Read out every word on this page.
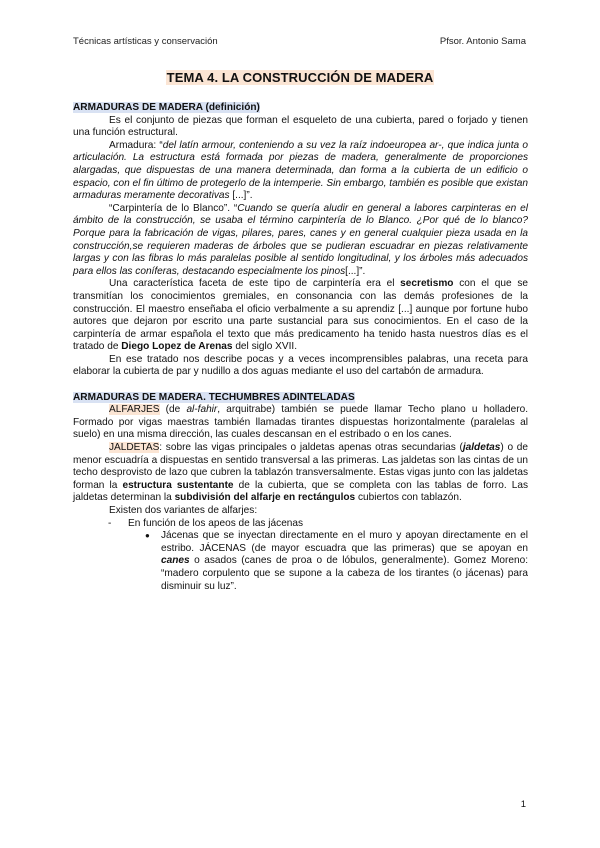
Técnicas artísticas y conservación	Pfsor. Antonio Sama
TEMA 4. LA CONSTRUCCIÓN DE MADERA

ARMADURAS DE MADERA (definición)

Es el conjunto de piezas que forman el esqueleto de una cubierta, pared o forjado y tienen una función estructural.

Armadura: “del latín armour, conteniendo a su vez la raíz indoeuropea ar-, que indica junta o articulación. La estructura está formada por piezas de madera, generalmente de proporciones alargadas, que dispuestas de una manera determinada, dan forma a la cubierta de un edificio o espacio, con el fin último de protegerlo de la intemperie. Sin embargo, también es posible que existan armaduras meramente decorativas [...]”.

“Carpintería de lo Blanco”. “Cuando se quería aludir en general a labores carpinteras en el ámbito de la construcción, se usaba el término carpintería de lo Blanco. ¿Por qué de lo blanco? Porque para la fabricación de vigas, pilares, pares, canes y en general cualquier pieza usada en la construcción,se requieren maderas de árboles que se pudieran escuadrar en piezas relativamente largas y con las fibras lo más paralelas posible al sentido longitudinal, y los árboles más adecuados para ellos las coníferas, destacando especialmente los pinos[...]”.

Una característica faceta de este tipo de carpintería era el secretismo con el que se transmitían los conocimientos gremiales, en consonancia con las demás profesiones de la construcción. El maestro enseñaba el oficio verbalmente a su aprendiz [...] aunque por fortune hubo autores que dejaron por escrito una parte sustancial para sus conocimientos. En el caso de la carpintería de armar española el texto que más predicamento ha tenido hasta nuestros días es el tratado de Diego Lopez de Arenas del siglo XVII.

En ese tratado nos describe pocas y a veces incomprensibles palabras, una receta para elaborar la cubierta de par y nudillo a dos aguas mediante el uso del cartabón de armadura.

ARMADURAS DE MADERA. TECHUMBRES ADINTELADAS

ALFARJES (de al-fahir, arquitrabe) también se puede llamar Techo plano u holladero. Formado por vigas maestras también llamadas tirantes dispuestas horizontalmente (paralelas al suelo) en una misma dirección, las cuales descansan en el estribado o en los canes.

JALDETAS: sobre las vigas principales o jaldetas apenas otras secundarias (jaldetas) o de menor escuadría a dispuestas en sentido transversal a las primeras. Las jaldetas son las cintas de un techo desprovisto de lazo que cubren la tablazón transversalmente. Estas vigas junto con las jaldetas forman la estructura sustentante de la cubierta, que se completa con las tablas de forro. Las jaldetas determinan la subdivisión del alfarje en rectángulos cubiertos con tablazón.

Existen dos variantes de alfarjes:

- En función de los apeos de las jácenas

● Jácenas que se inyectan directamente en el muro y apoyan directamente en el estribo. JÁCENAS (de mayor escuadra que las primeras) que se apoyan en canes o asados (canes de proa o de lóbulos, generalmente). Gomez Moreno: “madero corpulento que se supone a la cabeza de los tirantes (o jácenas) para disminuir su luz”.

1
